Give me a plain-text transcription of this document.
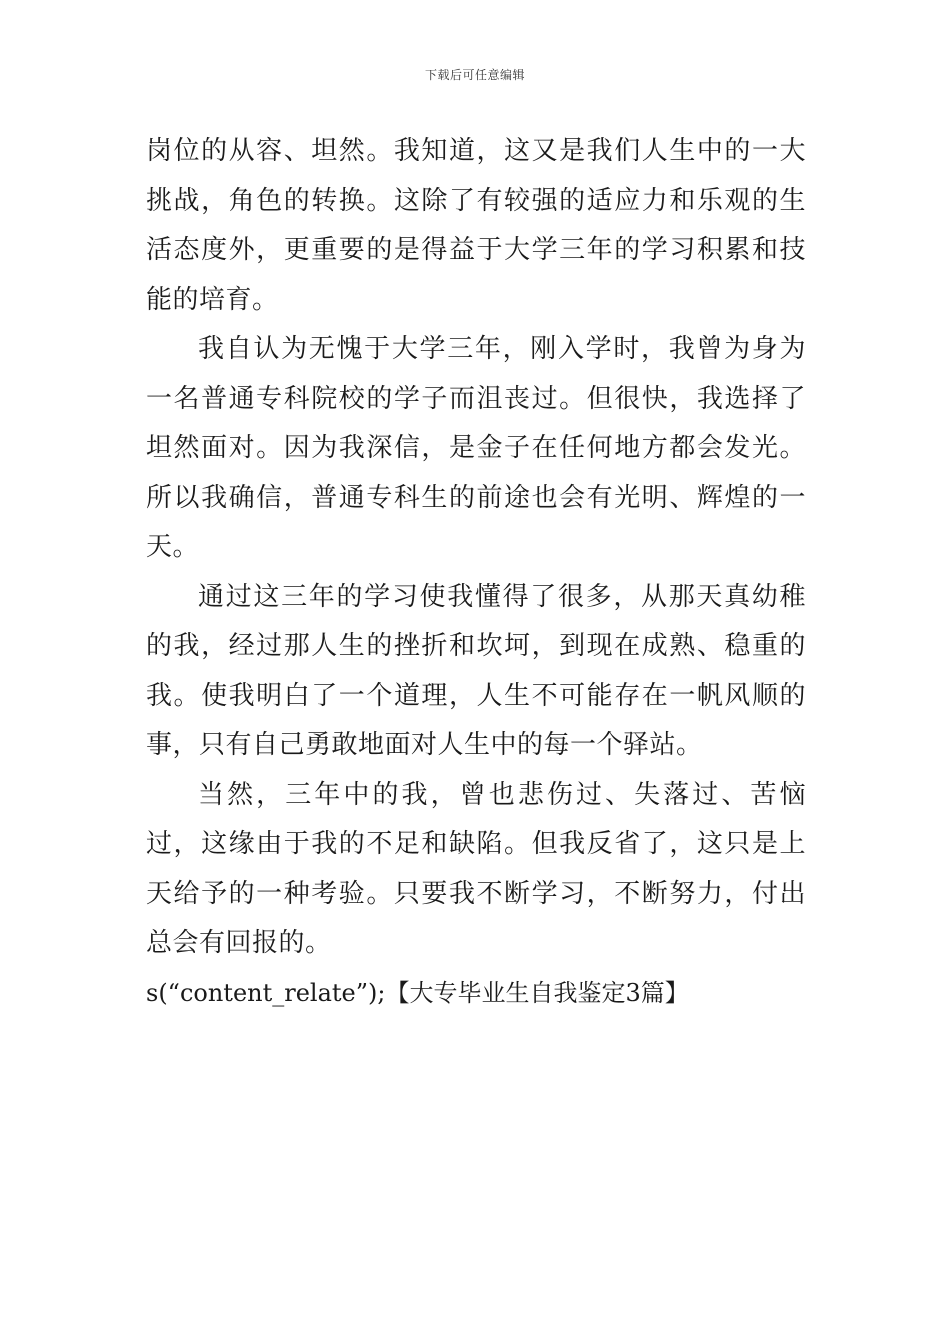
下载后可任意编辑

岗位的从容、坦然。我知道，这又是我们人生中的一大挑战，角色的转换。这除了有较强的适应力和乐观的生活态度外，更重要的是得益于大学三年的学习积累和技能的培育。

我自认为无愧于大学三年，刚入学时，我曾为身为一名普通专科院校的学子而沮丧过。但很快，我选择了坦然面对。因为我深信，是金子在任何地方都会发光。所以我确信，普通专科生的前途也会有光明、辉煌的一天。

通过这三年的学习使我懂得了很多，从那天真幼稚的我，经过那人生的挫折和坎坷，到现在成熟、稳重的我。使我明白了一个道理，人生不可能存在一帆风顺的事，只有自己勇敢地面对人生中的每一个驿站。

当然，三年中的我，曾也悲伤过、失落过、苦恼过，这缘由于我的不足和缺陷。但我反省了，这只是上天给予的一种考验。只要我不断学习，不断努力，付出总会有回报的。

s(“content_relate”);【大专毕业生自我鉴定3篇】
